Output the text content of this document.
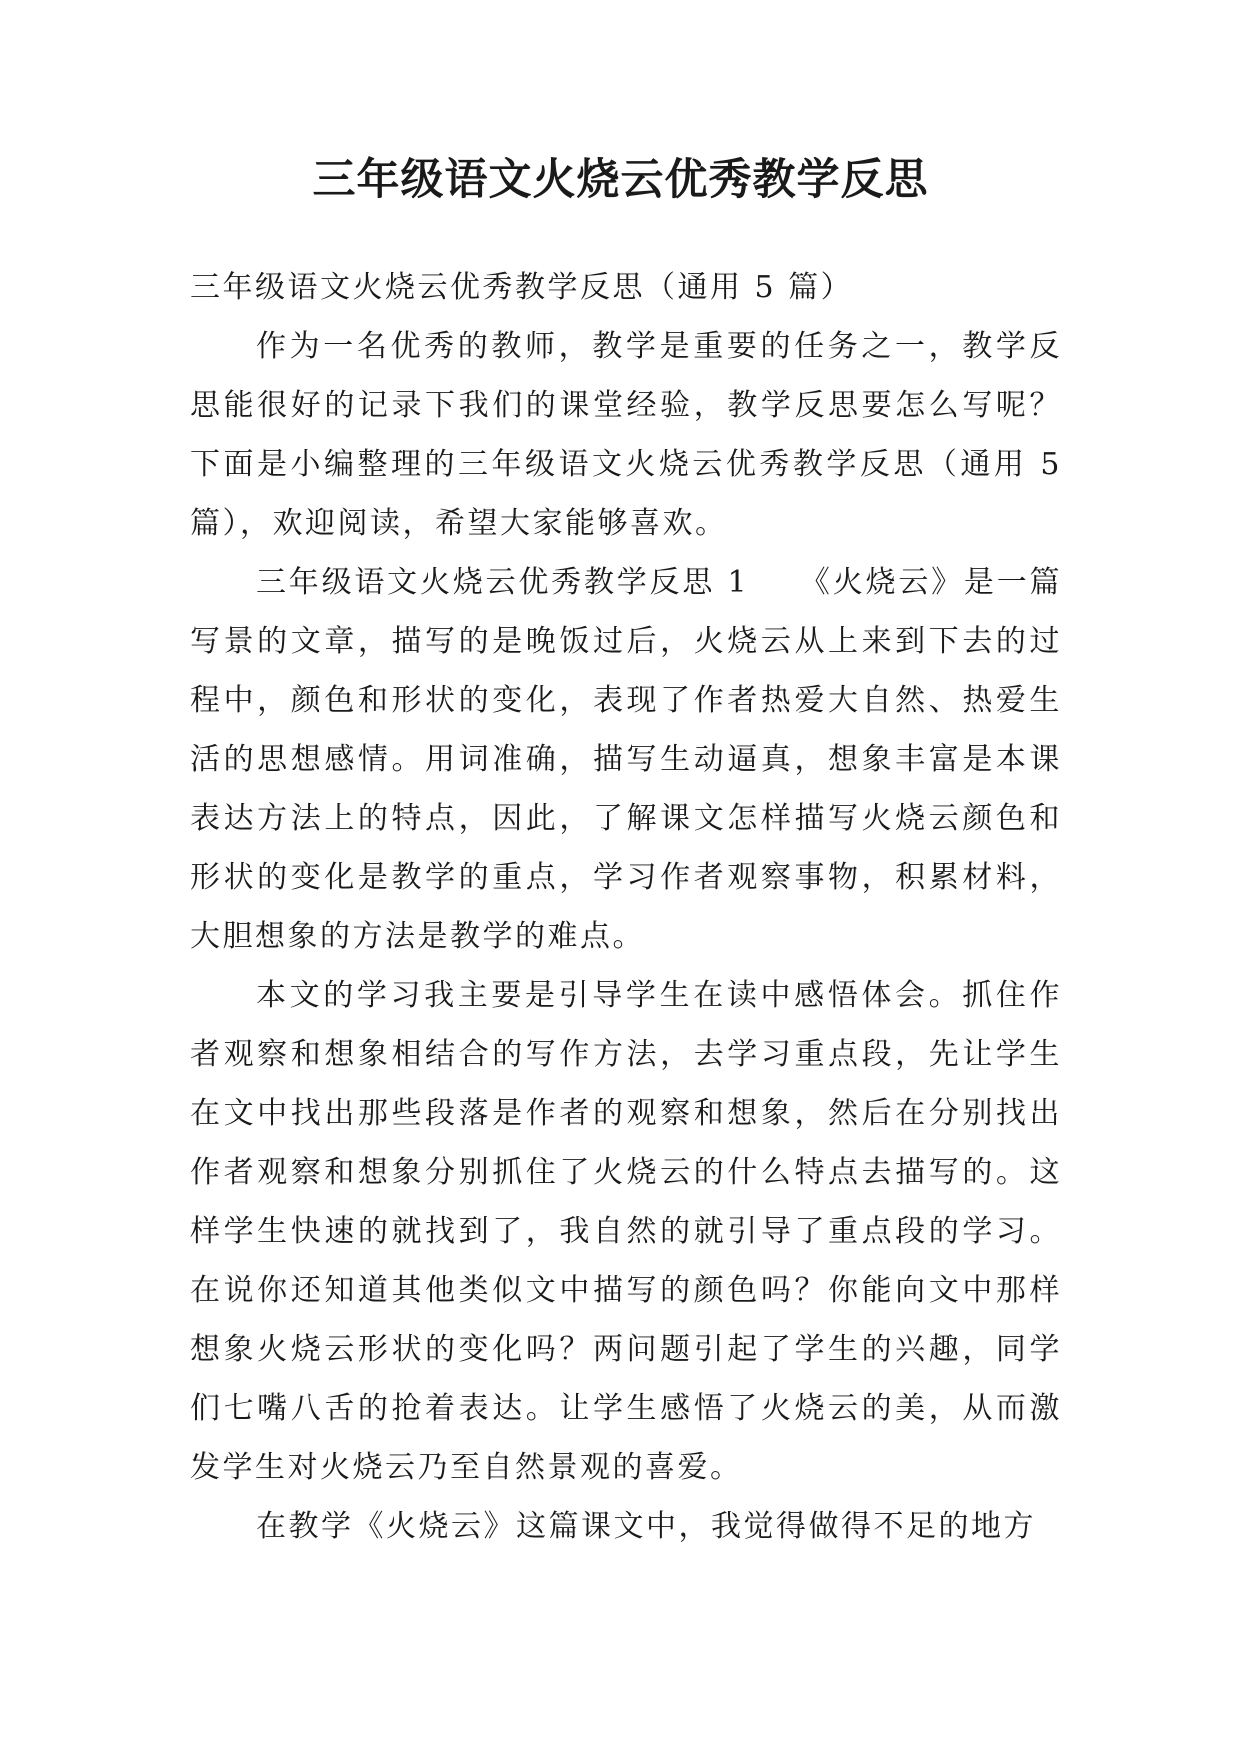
三年级语文火烧云优秀教学反思

三年级语文火烧云优秀教学反思（通用 5 篇）

作为一名优秀的教师，教学是重要的任务之一，教学反思能很好的记录下我们的课堂经验，教学反思要怎么写呢？下面是小编整理的三年级语文火烧云优秀教学反思（通用 5 篇），欢迎阅读，希望大家能够喜欢。

三年级语文火烧云优秀教学反思 1　　《火烧云》是一篇写景的文章，描写的是晚饭过后，火烧云从上来到下去的过程中，颜色和形状的变化，表现了作者热爱大自然、热爱生活的思想感情。用词准确，描写生动逼真，想象丰富是本课表达方法上的特点，因此，了解课文怎样描写火烧云颜色和形状的变化是教学的重点，学习作者观察事物，积累材料，大胆想象的方法是教学的难点。

本文的学习我主要是引导学生在读中感悟体会。抓住作者观察和想象相结合的写作方法，去学习重点段，先让学生在文中找出那些段落是作者的观察和想象，然后在分别找出作者观察和想象分别抓住了火烧云的什么特点去描写的。这样学生快速的就找到了，我自然的就引导了重点段的学习。在说你还知道其他类似文中描写的颜色吗？你能向文中那样想象火烧云形状的变化吗？两问题引起了学生的兴趣，同学们七嘴八舌的抢着表达。让学生感悟了火烧云的美，从而激发学生对火烧云乃至自然景观的喜爱。

在教学《火烧云》这篇课文中，我觉得做得不足的地方
